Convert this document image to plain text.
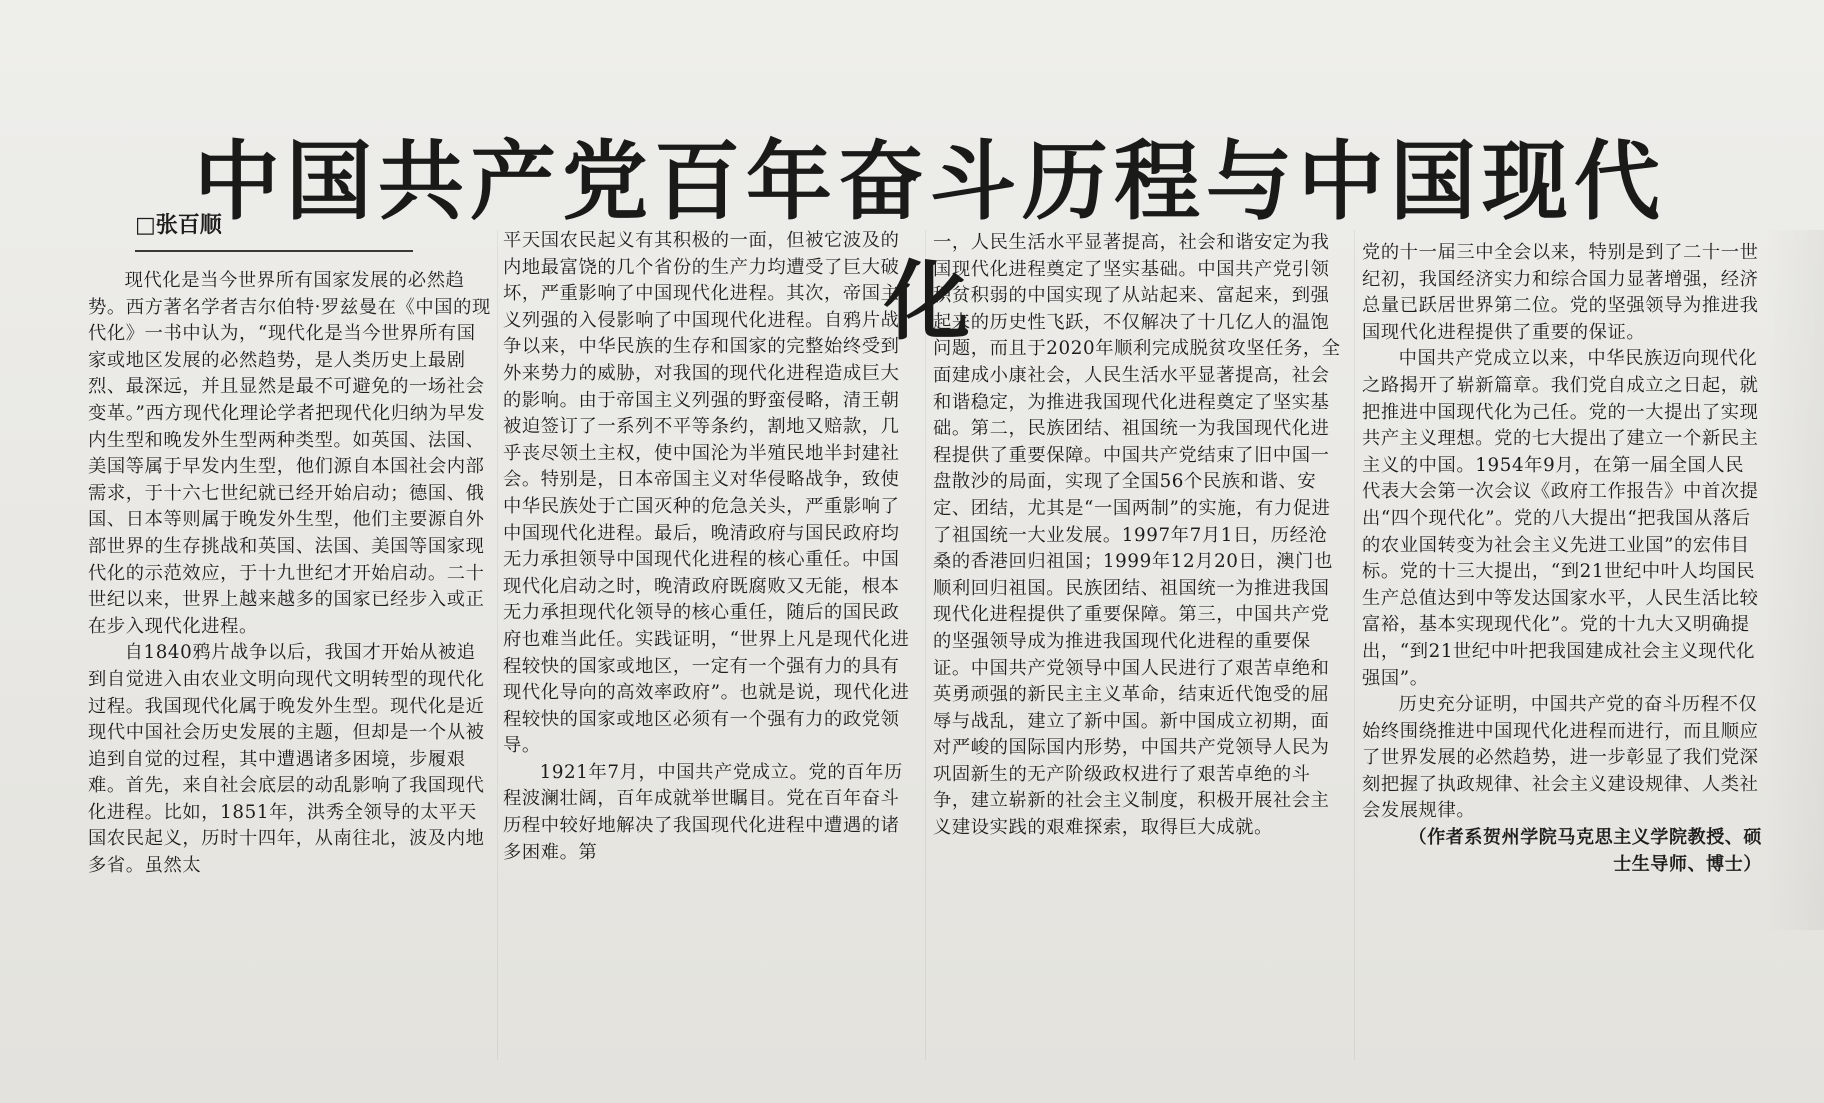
中国共产党百年奋斗历程与中国现代化
□张百顺

现代化是当今世界所有国家发展的必然趋势。西方著名学者吉尔伯特·罗兹曼在《中国的现代化》一书中认为，“现代化是当今世界所有国家或地区发展的必然趋势，是人类历史上最剧烈、最深远，并且显然是最不可避免的一场社会变革。”西方现代化理论学者把现代化归纳为早发内生型和晚发外生型两种类型。如英国、法国、美国等属于早发内生型，他们源自本国社会内部需求，于十六七世纪就已经开始启动；德国、俄国、日本等则属于晚发外生型，他们主要源自外部世界的生存挑战和英国、法国、美国等国家现代化的示范效应，于十九世纪才开始启动。二十世纪以来，世界上越来越多的国家已经步入或正在步入现代化进程。

自1840鸦片战争以后，我国才开始从被追到自觉进入由农业文明向现代文明转型的现代化过程。我国现代化属于晚发外生型。现代化是近现代中国社会历史发展的主题，但却是一个从被追到自觉的过程，其中遭遇诸多困境，步履艰难。首先，来自社会底层的动乱影响了我国现代化进程。比如，1851年，洪秀全领导的太平天国农民起义，历时十四年，从南往北，波及内地多省。虽然太

平天国农民起义有其积极的一面，但被它波及的内地最富饶的几个省份的生产力均遭受了巨大破坏，严重影响了中国现代化进程。其次，帝国主义列强的入侵影响了中国现代化进程。自鸦片战争以来，中华民族的生存和国家的完整始终受到外来势力的威胁，对我国的现代化进程造成巨大的影响。由于帝国主义列强的野蛮侵略，清王朝被迫签订了一系列不平等条约，割地又赔款，几乎丧尽领土主权，使中国沦为半殖民地半封建社会。特别是，日本帝国主义对华侵略战争，致使中华民族处于亡国灭种的危急关头，严重影响了中国现代化进程。最后，晚清政府与国民政府均无力承担领导中国现代化进程的核心重任。中国现代化启动之时，晚清政府既腐败又无能，根本无力承担现代化领导的核心重任，随后的国民政府也难当此任。实践证明，“世界上凡是现代化进程较快的国家或地区，一定有一个强有力的具有现代化导向的高效率政府”。也就是说，现代化进程较快的国家或地区必须有一个强有力的政党领导。

1921年7月，中国共产党成立。党的百年历程波澜壮阔，百年成就举世瞩目。党在百年奋斗历程中较好地解决了我国现代化进程中遭遇的诸多困难。第

一，人民生活水平显著提高，社会和谐安定为我国现代化进程奠定了坚实基础。中国共产党引领积贫积弱的中国实现了从站起来、富起来，到强起来的历史性飞跃，不仅解决了十几亿人的温饱问题，而且于2020年顺利完成脱贫攻坚任务，全面建成小康社会，人民生活水平显著提高，社会和谐稳定，为推进我国现代化进程奠定了坚实基础。第二，民族团结、祖国统一为我国现代化进程提供了重要保障。中国共产党结束了旧中国一盘散沙的局面，实现了全国56个民族和谐、安定、团结，尤其是“一国两制”的实施，有力促进了祖国统一大业发展。1997年7月1日，历经沧桑的香港回归祖国；1999年12月20日，澳门也顺利回归祖国。民族团结、祖国统一为推进我国现代化进程提供了重要保障。第三，中国共产党的坚强领导成为推进我国现代化进程的重要保证。中国共产党领导中国人民进行了艰苦卓绝和英勇顽强的新民主主义革命，结束近代饱受的屈辱与战乱，建立了新中国。新中国成立初期，面对严峻的国际国内形势，中国共产党领导人民为巩固新生的无产阶级政权进行了艰苦卓绝的斗争，建立崭新的社会主义制度，积极开展社会主义建设实践的艰难探索，取得巨大成就。

党的十一届三中全会以来，特别是到了二十一世纪初，我国经济实力和综合国力显著增强，经济总量已跃居世界第二位。党的坚强领导为推进我国现代化进程提供了重要的保证。

中国共产党成立以来，中华民族迈向现代化之路揭开了崭新篇章。我们党自成立之日起，就把推进中国现代化为己任。党的一大提出了实现共产主义理想。党的七大提出了建立一个新民主主义的中国。1954年9月，在第一届全国人民代表大会第一次会议《政府工作报告》中首次提出“四个现代化”。党的八大提出“把我国从落后的农业国转变为社会主义先进工业国”的宏伟目标。党的十三大提出，“到21世纪中叶人均国民生产总值达到中等发达国家水平，人民生活比较富裕，基本实现现代化”。党的十九大又明确提出，“到21世纪中叶把我国建成社会主义现代化强国”。

历史充分证明，中国共产党的奋斗历程不仅始终围绕推进中国现代化进程而进行，而且顺应了世界发展的必然趋势，进一步彰显了我们党深刻把握了执政规律、社会主义建设规律、人类社会发展规律。

（作者系贺州学院马克思主义学院教授、硕士生导师、博士）
